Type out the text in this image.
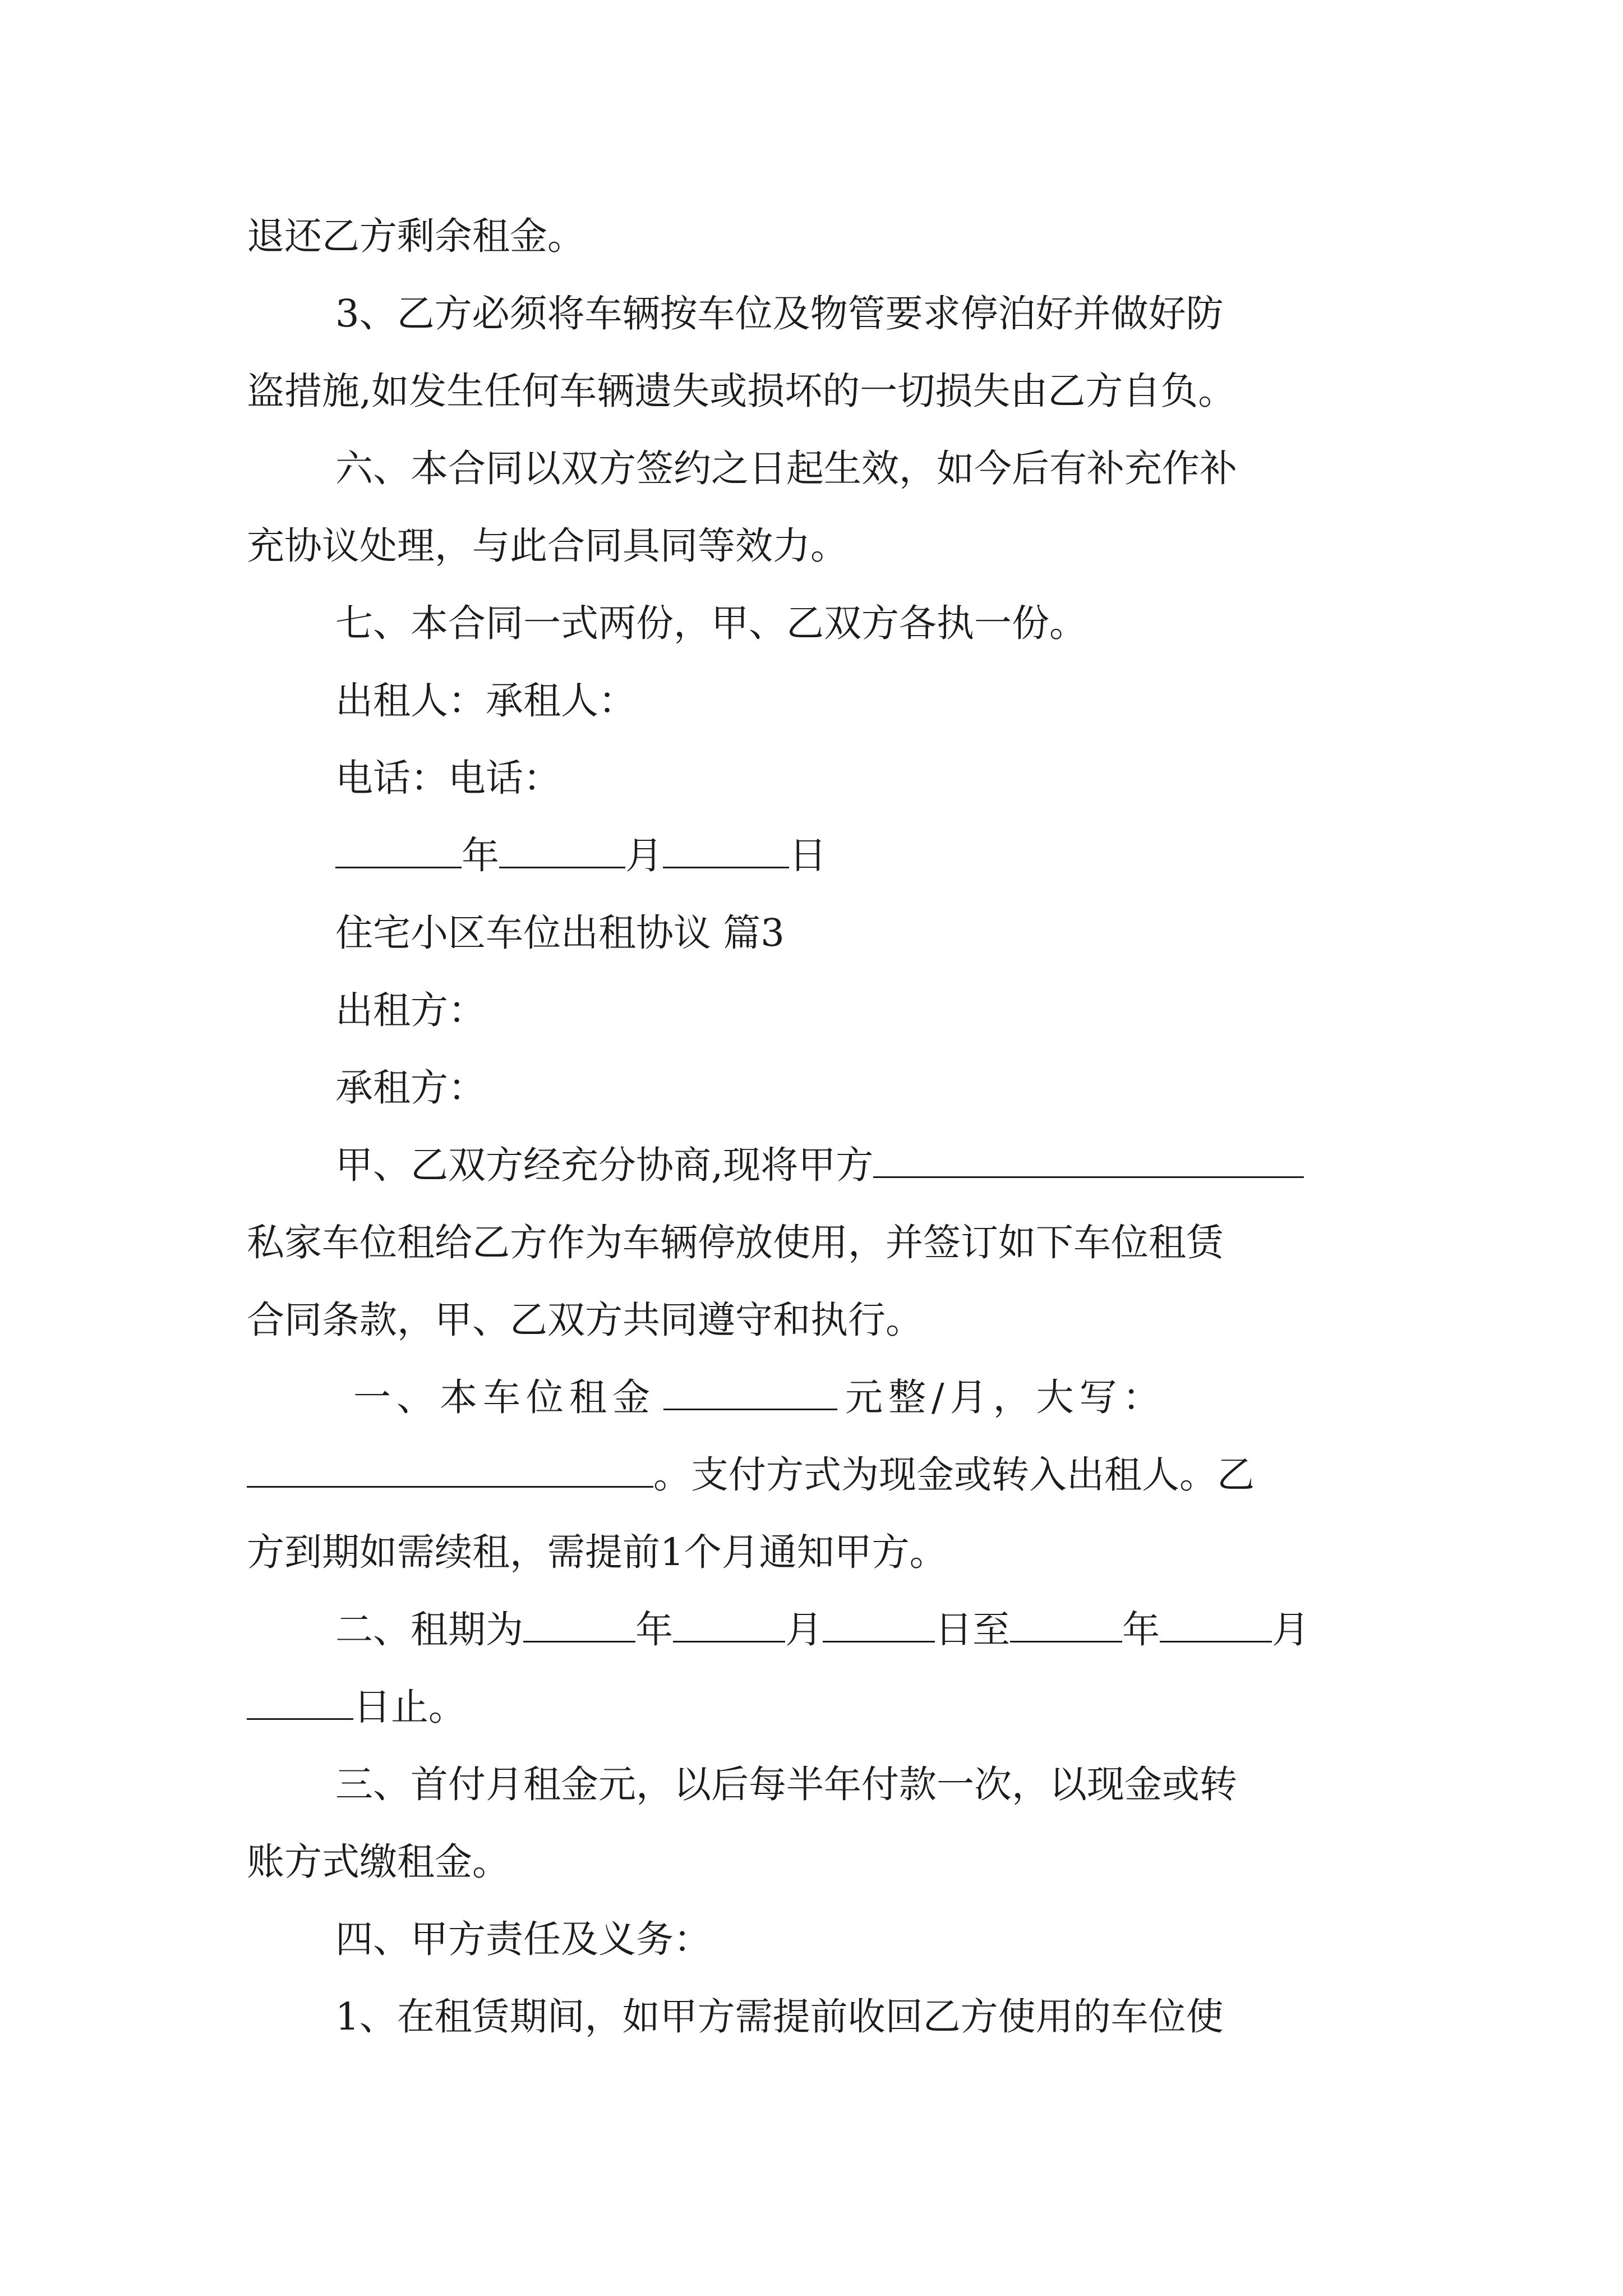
退还乙方剩余租金。
3、乙方必须将车辆按车位及物管要求停泊好并做好防
盗措施,如发生任何车辆遗失或损坏的一切损失由乙方自负。
六、本合同以双方签约之日起生效，如今后有补充作补
充协议处理，与此合同具同等效力。
七、本合同一式两份，甲、乙双方各执一份。
出租人：承租人：
电话：电话：
年	月	日
住宅小区车位出租协议 篇3
出租方：
承租方：
甲、乙双方经充分协商,现将甲方
私家车位租给乙方作为车辆停放使用，并签订如下车位租赁
合同条款，甲、乙双方共同遵守和执行。
一、本车位租金	元整/月，大写：
。支付方式为现金或转入出租人。乙
方到期如需续租，需提前1个月通知甲方。
二、租期为	年	月	日至	年	月
日止。
三、首付月租金元，以后每半年付款一次，以现金或转
账方式缴租金。
四、甲方责任及义务：
1、在租赁期间，如甲方需提前收回乙方使用的车位使
